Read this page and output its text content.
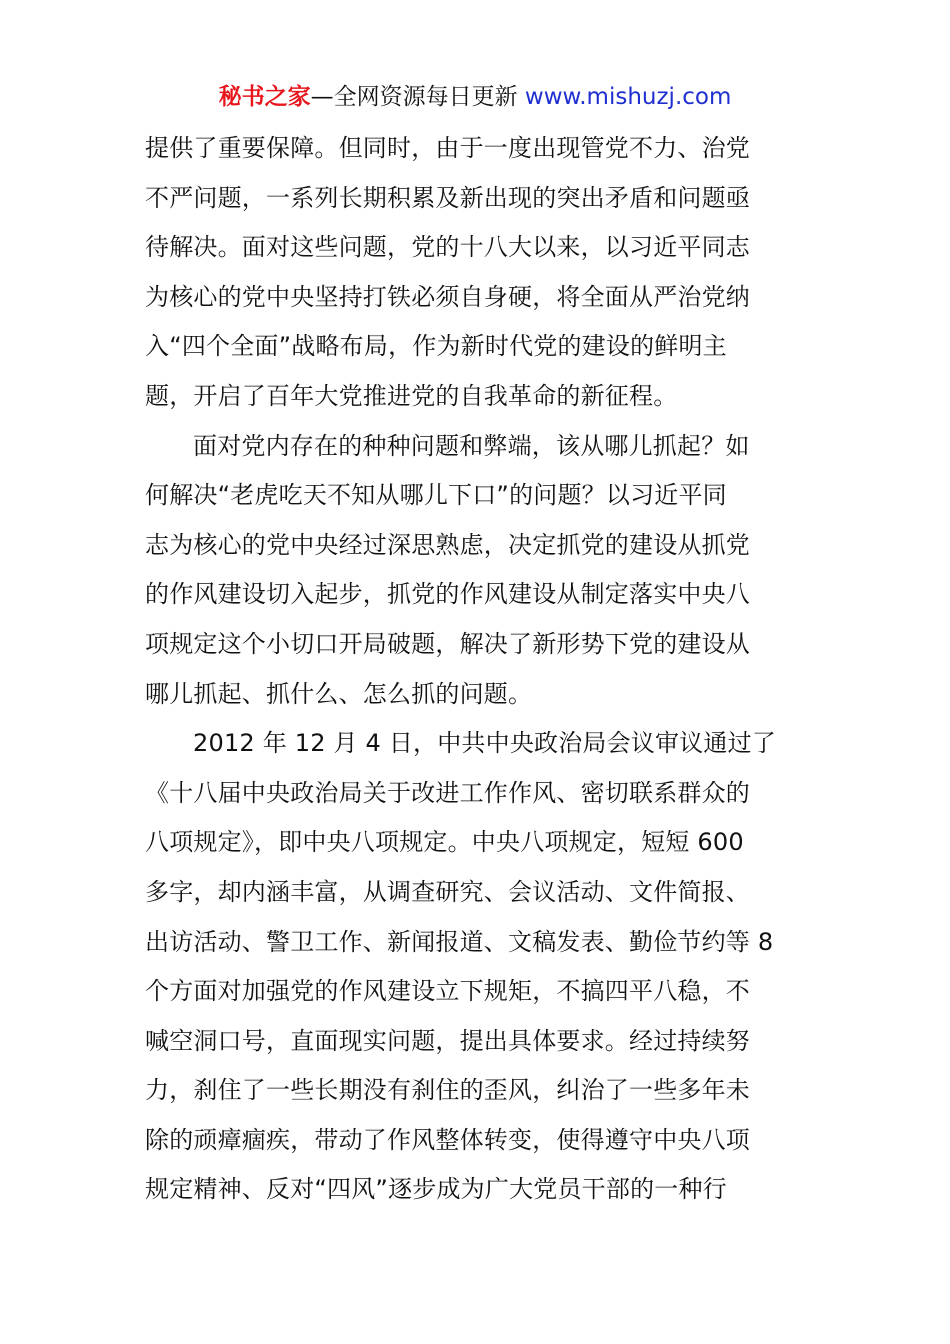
秘书之家—全网资源每日更新 www.mishuzj.com
提供了重要保障。但同时，由于一度出现管党不力、治党
不严问题，一系列长期积累及新出现的突出矛盾和问题亟
待解决。面对这些问题，党的十八大以来，以习近平同志
为核心的党中央坚持打铁必须自身硬，将全面从严治党纳
入“四个全面”战略布局，作为新时代党的建设的鲜明主
题，开启了百年大党推进党的自我革命的新征程。
面对党内存在的种种问题和弊端，该从哪儿抓起？如
何解决“老虎吃天不知从哪儿下口”的问题？以习近平同
志为核心的党中央经过深思熟虑，决定抓党的建设从抓党
的作风建设切入起步，抓党的作风建设从制定落实中央八
项规定这个小切口开局破题，解决了新形势下党的建设从
哪儿抓起、抓什么、怎么抓的问题。
2012 年 12 月 4 日，中共中央政治局会议审议通过了
《十八届中央政治局关于改进工作作风、密切联系群众的
八项规定》，即中央八项规定。中央八项规定，短短 600
多字，却内涵丰富，从调查研究、会议活动、文件简报、
出访活动、警卫工作、新闻报道、文稿发表、勤俭节约等 8
个方面对加强党的作风建设立下规矩，不搞四平八稳，不
喊空洞口号，直面现实问题，提出具体要求。经过持续努
力，刹住了一些长期没有刹住的歪风，纠治了一些多年未
除的顽瘴痼疾，带动了作风整体转变，使得遵守中央八项
规定精神、反对“四风”逐步成为广大党员干部的一种行
